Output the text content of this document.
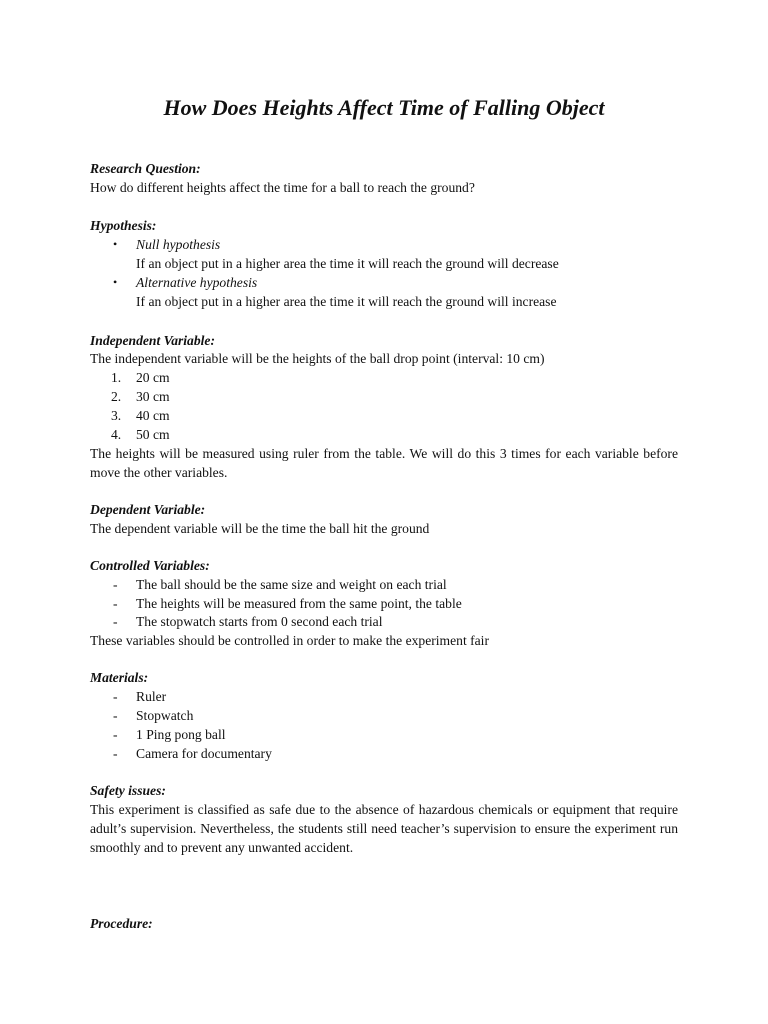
How Does Heights Affect Time of Falling Object
Research Question:
How do different heights affect the time for a ball to reach the ground?
Hypothesis:
• Null hypothesis
If an object put in a higher area the time it will reach the ground will decrease
• Alternative hypothesis
If an object put in a higher area the time it will reach the ground will increase
Independent Variable:
The independent variable will be the heights of the ball drop point (interval: 10 cm)
1. 20 cm
2. 30 cm
3. 40 cm
4. 50 cm
The heights will be measured using ruler from the table. We will do this 3 times for each variable before move the other variables.
Dependent Variable:
The dependent variable will be the time the ball hit the ground
Controlled Variables:
- The ball should be the same size and weight on each trial
- The heights will be measured from the same point, the table
- The stopwatch starts from 0 second each trial
These variables should be controlled in order to make the experiment fair
Materials:
- Ruler
- Stopwatch
- 1 Ping pong ball
- Camera for documentary
Safety issues:
This experiment is classified as safe due to the absence of hazardous chemicals or equipment that require adult’s supervision. Nevertheless, the students still need teacher’s supervision to ensure the experiment run smoothly and to prevent any unwanted accident.
Procedure:
